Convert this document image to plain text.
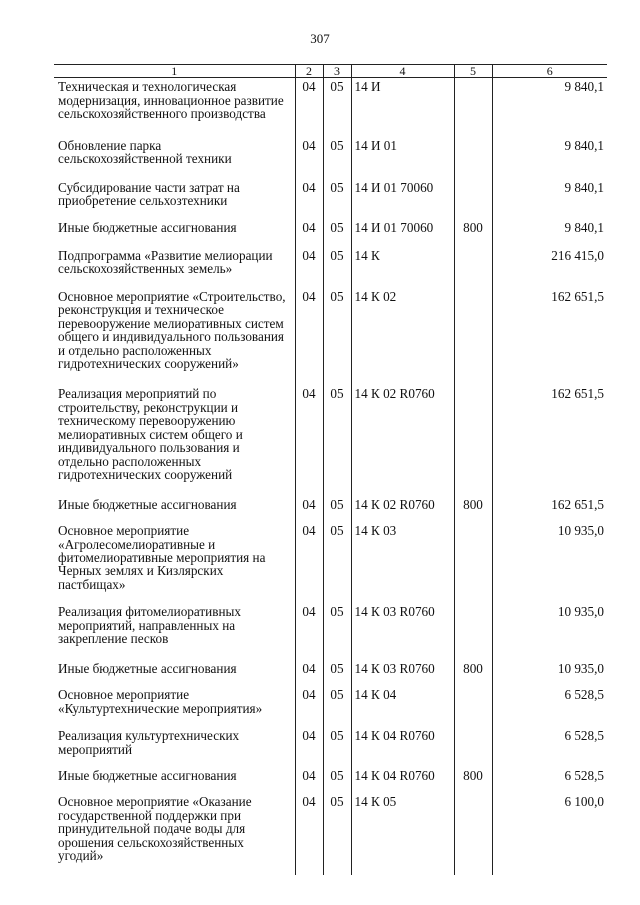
307
1	2	3	4	5	6
Техническая и технологическая модернизация, инновационное развитие сельскохозяйственного производства	04	05	14 И		9 840,1
Обновление парка сельскохозяйственной техники	04	05	14 И 01		9 840,1
Субсидирование части затрат на приобретение сельхозтехники	04	05	14 И 01 70060		9 840,1
Иные бюджетные ассигнования	04	05	14 И 01 70060	800	9 840,1
Подпрограмма «Развитие мелиорации сельскохозяйственных земель»	04	05	14 К		216 415,0
Основное мероприятие «Строительство, реконструкция и техническое перевооружение мелиоративных систем общего и индивидуального пользования и отдельно расположенных гидротехнических сооружений»	04	05	14 К 02		162 651,5
Реализация мероприятий по строительству, реконструкции и техническому перевооружению мелиоративных систем общего и индивидуального пользования и отдельно расположенных гидротехнических сооружений	04	05	14 К 02 R0760		162 651,5
Иные бюджетные ассигнования	04	05	14 К 02 R0760	800	162 651,5
Основное мероприятие «Агролесомелиоративные и фитомелиоративные мероприятия на Черных землях и Кизлярских пастбищах»	04	05	14 К 03		10 935,0
Реализация фитомелиоративных мероприятий, направленных на закрепление песков	04	05	14 К 03 R0760		10 935,0
Иные бюджетные ассигнования	04	05	14 К 03 R0760	800	10 935,0
Основное мероприятие «Культуртехнические мероприятия»	04	05	14 К 04		6 528,5
Реализация культуртехнических мероприятий	04	05	14 К 04 R0760		6 528,5
Иные бюджетные ассигнования	04	05	14 К 04 R0760	800	6 528,5
Основное мероприятие «Оказание государственной поддержки при принудительной подаче воды для орошения сельскохозяйственных угодий»	04	05	14 К 05		6 100,0
